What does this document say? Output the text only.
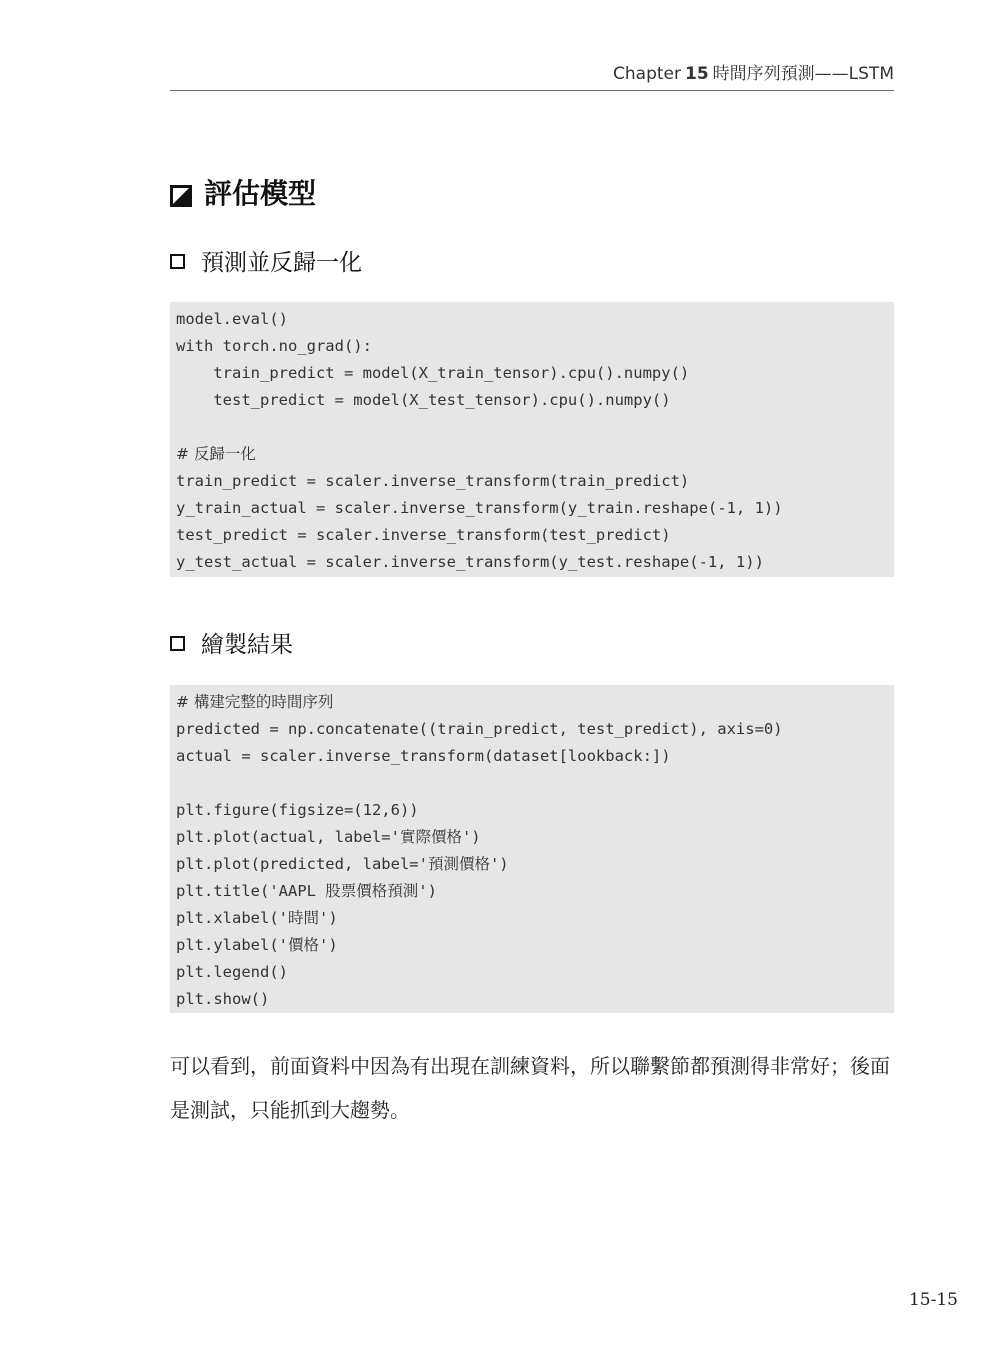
Chapter 15 時間序列預測——LSTM
評估模型
預測並反歸一化
model.eval()
with torch.no_grad():
train_predict = model(X_train_tensor).cpu().numpy()
test_predict = model(X_test_tensor).cpu().numpy()
# 反歸一化
train_predict = scaler.inverse_transform(train_predict)
y_train_actual = scaler.inverse_transform(y_train.reshape(-1, 1))
test_predict = scaler.inverse_transform(test_predict)
y_test_actual = scaler.inverse_transform(y_test.reshape(-1, 1))
繪製結果
# 構建完整的時間序列
predicted = np.concatenate((train_predict, test_predict), axis=0)
actual = scaler.inverse_transform(dataset[lookback:])
plt.figure(figsize=(12,6))
plt.plot(actual, label='實際價格')
plt.plot(predicted, label='預測價格')
plt.title('AAPL 股票價格預測')
plt.xlabel('時間')
plt.ylabel('價格')
plt.legend()
plt.show()
可以看到，前面資料中因為有出現在訓練資料，所以聯繫節都預測得非常好；後面是測試，只能抓到大趨勢。
15-15
